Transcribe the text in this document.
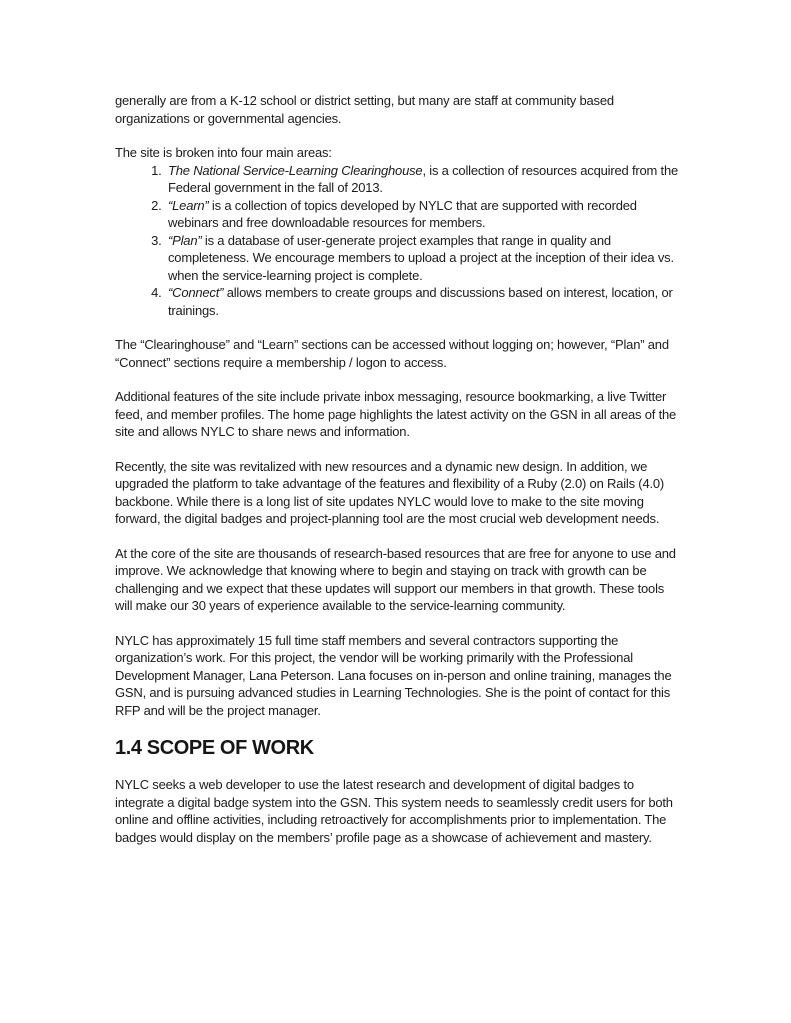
generally are from a K-12 school or district setting, but many are staff at community based organizations or governmental agencies.

The site is broken into four main areas:

1. The National Service-Learning Clearinghouse, is a collection of resources acquired from the Federal government in the fall of 2013.
2. “Learn” is a collection of topics developed by NYLC that are supported with recorded webinars and free downloadable resources for members.
3. “Plan” is a database of user-generate project examples that range in quality and completeness. We encourage members to upload a project at the inception of their idea vs. when the service-learning project is complete.
4. “Connect” allows members to create groups and discussions based on interest, location, or trainings.

The “Clearinghouse” and “Learn” sections can be accessed without logging on; however, “Plan” and “Connect” sections require a membership / logon to access.

Additional features of the site include private inbox messaging, resource bookmarking, a live Twitter feed, and member profiles. The home page highlights the latest activity on the GSN in all areas of the site and allows NYLC to share news and information.

Recently, the site was revitalized with new resources and a dynamic new design. In addition, we upgraded the platform to take advantage of the features and flexibility of a Ruby (2.0) on Rails (4.0) backbone. While there is a long list of site updates NYLC would love to make to the site moving forward, the digital badges and project-planning tool are the most crucial web development needs.

At the core of the site are thousands of research-based resources that are free for anyone to use and improve. We acknowledge that knowing where to begin and staying on track with growth can be challenging and we expect that these updates will support our members in that growth. These tools will make our 30 years of experience available to the service-learning community.

NYLC has approximately 15 full time staff members and several contractors supporting the organization’s work. For this project, the vendor will be working primarily with the Professional Development Manager, Lana Peterson. Lana focuses on in-person and online training, manages the GSN, and is pursuing advanced studies in Learning Technologies. She is the point of contact for this RFP and will be the project manager.

1.4 SCOPE OF WORK

NYLC seeks a web developer to use the latest research and development of digital badges to integrate a digital badge system into the GSN. This system needs to seamlessly credit users for both online and offline activities, including retroactively for accomplishments prior to implementation. The badges would display on the members’ profile page as a showcase of achievement and mastery.
